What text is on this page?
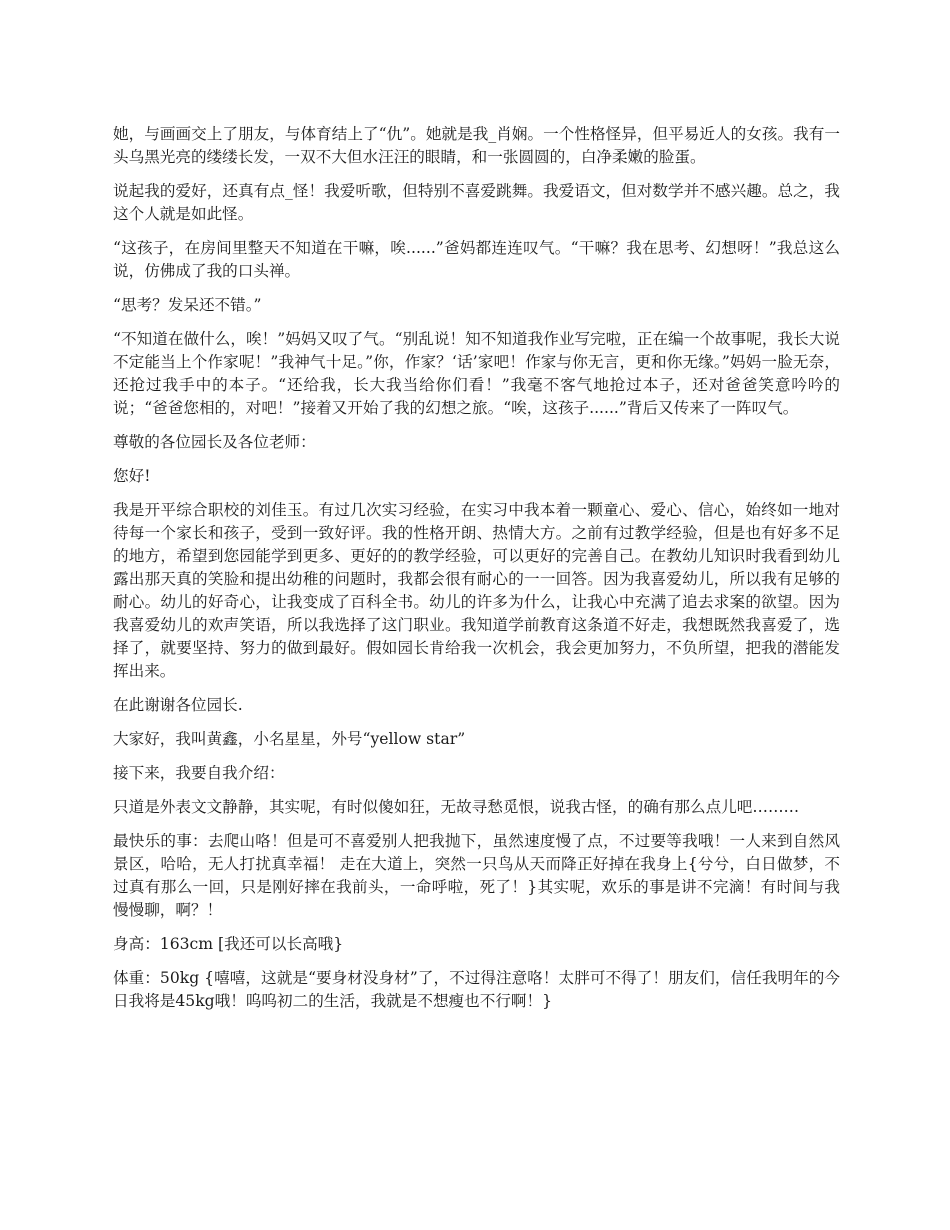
她，与画画交上了朋友，与体育结上了“仇”。她就是我_肖娴。一个性格怪异，但平易近人的女孩。我有一头乌黑光亮的缕缕长发，一双不大但水汪汪的眼睛，和一张圆圆的，白净柔嫩的脸蛋。

说起我的爱好，还真有点_怪！我爱听歌，但特别不喜爱跳舞。我爱语文，但对数学并不感兴趣。总之，我这个人就是如此怪。

“这孩子，在房间里整天不知道在干嘛，唉......”爸妈都连连叹气。“干嘛？我在思考、幻想呀！”我总这么说，仿佛成了我的口头禅。

“思考？发呆还不错。”

“不知道在做什么，唉！”妈妈又叹了气。“别乱说！知不知道我作业写完啦，正在编一个故事呢，我长大说不定能当上个作家呢！”我神气十足。”你，作家？‘话’家吧！作家与你无言，更和你无缘。”妈妈一脸无奈，还抢过我手中的本子。“还给我，长大我当给你们看！”我毫不客气地抢过本子，还对爸爸笑意吟吟的说；“爸爸您相的，对吧！”接着又开始了我的幻想之旅。“唉，这孩子......”背后又传来了一阵叹气。

尊敬的各位园长及各位老师：

您好!

我是开平综合职校的刘佳玉。有过几次实习经验，在实习中我本着一颗童心、爱心、信心，始终如一地对待每一个家长和孩子，受到一致好评。我的性格开朗、热情大方。之前有过教学经验，但是也有好多不足的地方，希望到您园能学到更多、更好的的教学经验，可以更好的完善自己。在教幼儿知识时我看到幼儿露出那天真的笑脸和提出幼稚的问题时，我都会很有耐心的一一回答。因为我喜爱幼儿，所以我有足够的耐心。幼儿的好奇心，让我变成了百科全书。幼儿的许多为什么，让我心中充满了追去求案的欲望。因为我喜爱幼儿的欢声笑语，所以我选择了这门职业。我知道学前教育这条道不好走，我想既然我喜爱了，选择了，就要坚持、努力的做到最好。假如园长肯给我一次机会，我会更加努力，不负所望，把我的潜能发挥出来。

在此谢谢各位园长.

大家好，我叫黄鑫，小名星星，外号“yellow star”

接下来，我要自我介绍：

只道是外表文文静静，其实呢，有时似傻如狂，无故寻愁觅恨，说我古怪，的确有那么点儿吧………

最快乐的事：去爬山咯！但是可不喜爱别人把我抛下，虽然速度慢了点，不过要等我哦！一人来到自然风景区，哈哈，无人打扰真幸福！ 走在大道上，突然一只鸟从天而降正好掉在我身上{兮兮，白日做梦，不过真有那么一回，只是刚好摔在我前头，一命呼啦，死了！}其实呢，欢乐的事是讲不完滴！有时间与我慢慢聊，啊？！

身高：163cm [我还可以长高哦}

体重：50kg {嘻嘻，这就是“要身材没身材”了，不过得注意咯！太胖可不得了！朋友们，信任我明年的今日我将是45kg哦！呜呜初二的生活，我就是不想瘦也不行啊！}
